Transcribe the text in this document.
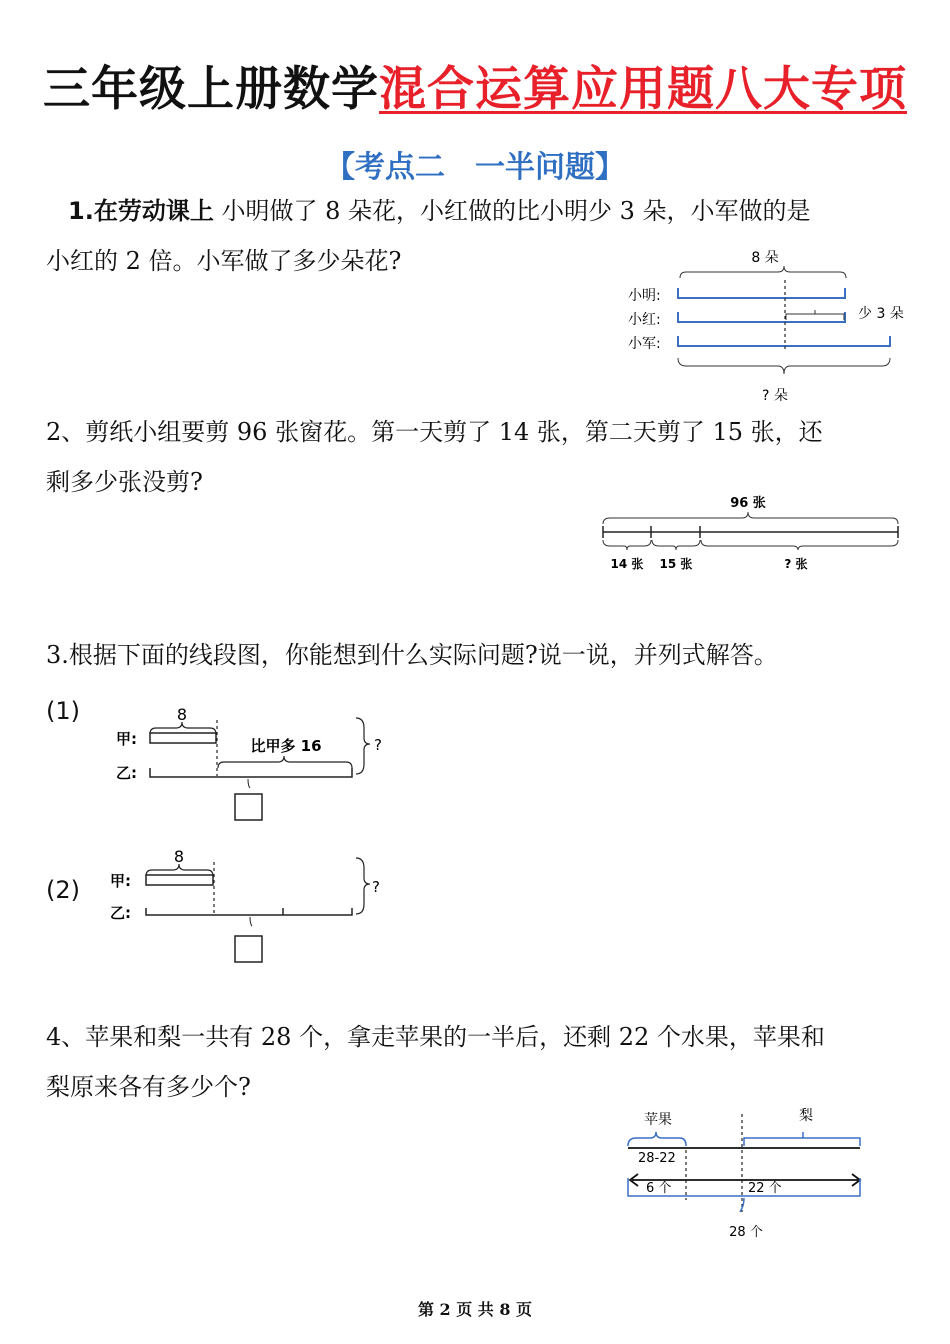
三年级上册数学混合运算应用题八大专项
【考点二　一半问题】
1.在劳动课上 小明做了 8 朵花，小红做的比小明少 3 朵，小军做的是
小红的 2 倍。小军做了多少朵花?	8 朵
小明:
小红:
小军:
少 3 朵
? 朵
2、剪纸小组要剪 96 张窗花。第一天剪了 14 张，第二天剪了 15 张，还
剩多少张没剪?
96 张
14 张 15 张	? 张
3.根据下面的线段图，你能想到什么实际问题?说一说，并列式解答。
(1)	8
甲:	比甲多 16
乙:
?
(2)
8
甲:
乙:
?
4、苹果和梨一共有 28 个，拿走苹果的一半后，还剩 22 个水果，苹果和
梨原来各有多少个?
苹果	梨
28-22
6 个	22 个
28 个
第 2 页 共 8 页
